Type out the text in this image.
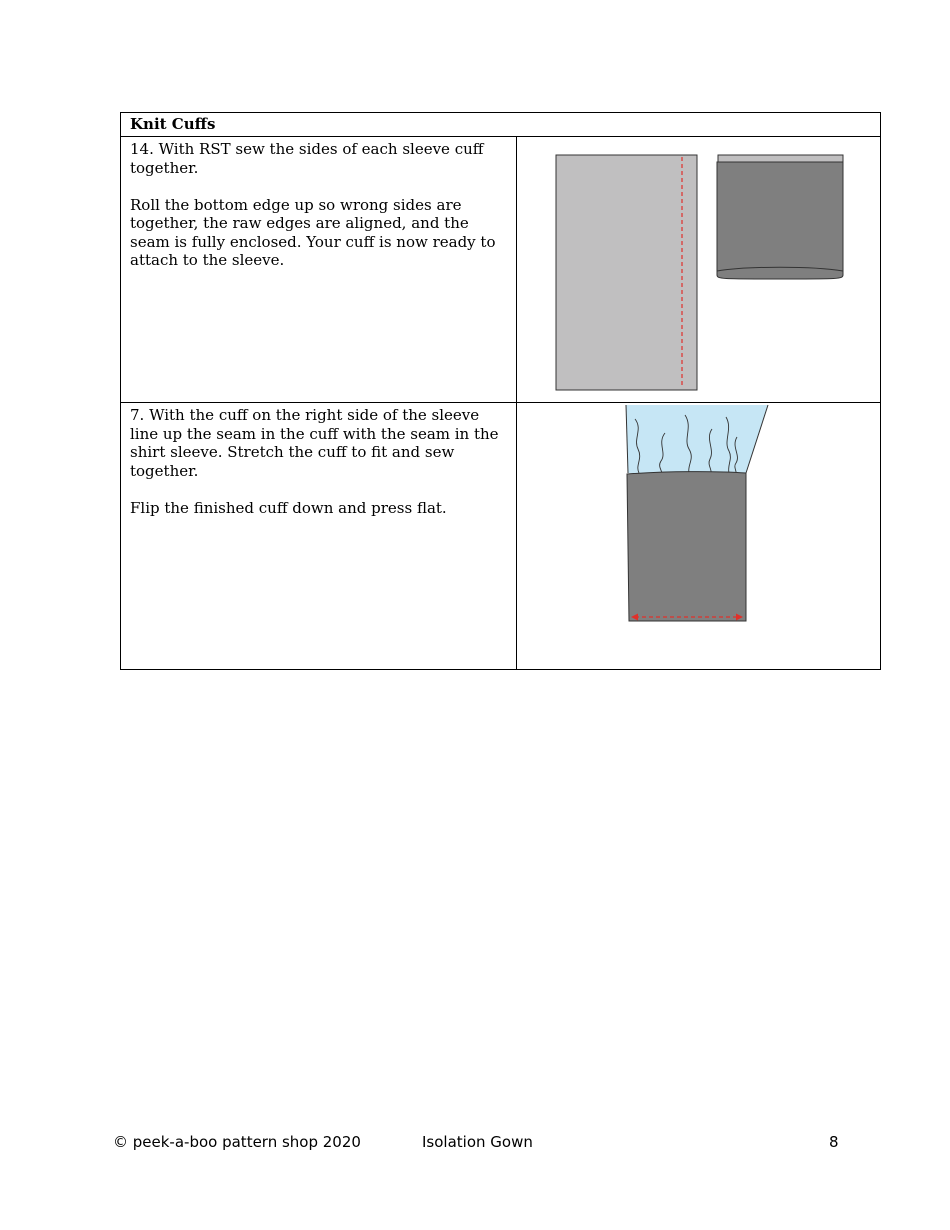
Knit Cuffs	

14. With RST sew the sides of each sleeve cuff together.

Roll the bottom edge up so wrong sides are together, the raw edges are aligned, and the seam is fully enclosed. Your cuff is now ready to attach to the sleeve.

7. With the cuff on the right side of the sleeve line up the seam in the cuff with the seam in the shirt sleeve. Stretch the cuff to fit and sew together.

Flip the finished cuff down and press flat.

© peek-a-boo pattern shop 2020	Isolation Gown	8
